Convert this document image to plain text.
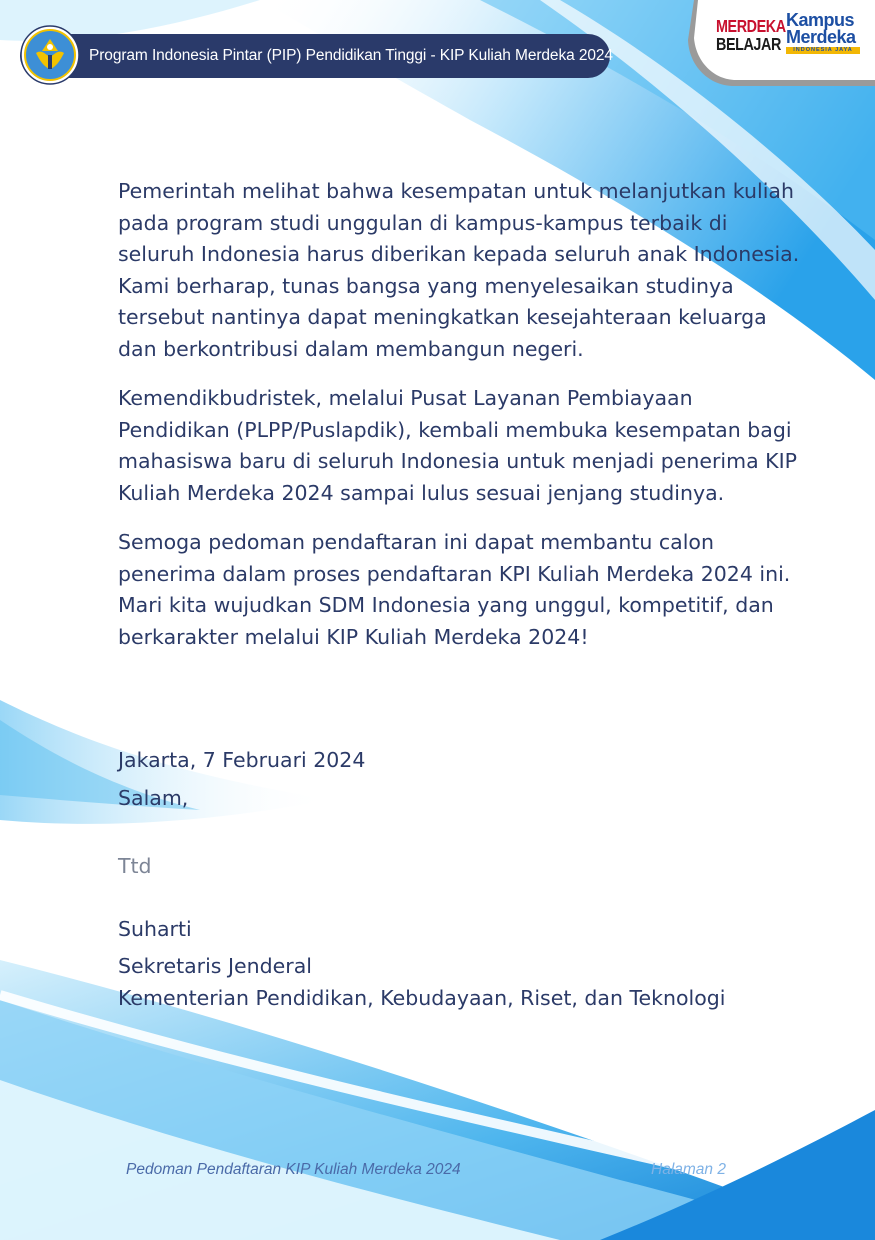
Program Indonesia Pintar (PIP) Pendidikan Tinggi - KIP Kuliah Merdeka 2024
MERDEKA
BELAJAR
Kampus
Merdeka
INDONESIA JAYA

Pemerintah melihat bahwa kesempatan untuk melanjutkan kuliah pada program studi unggulan di kampus-kampus terbaik di seluruh Indonesia harus diberikan kepada seluruh anak Indonesia. Kami berharap, tunas bangsa yang menyelesaikan studinya tersebut nantinya dapat meningkatkan kesejahteraan keluarga dan berkontribusi dalam membangun negeri.

Kemendikbudristek, melalui Pusat Layanan Pembiayaan Pendidikan (PLPP/Puslapdik), kembali membuka kesempatan bagi mahasiswa baru di seluruh Indonesia untuk menjadi penerima KIP Kuliah Merdeka 2024 sampai lulus sesuai jenjang studinya.

Semoga pedoman pendaftaran ini dapat membantu calon penerima dalam proses pendaftaran KPI Kuliah Merdeka 2024 ini. Mari kita wujudkan SDM Indonesia yang unggul, kompetitif, dan berkarakter melalui KIP Kuliah Merdeka 2024!

Jakarta, 7 Februari 2024
Salam,
Ttd
Suharti
Sekretaris Jenderal
Kementerian Pendidikan, Kebudayaan, Riset, dan Teknologi
Pedoman Pendaftaran KIP Kuliah Merdeka 2024	Halaman 2
